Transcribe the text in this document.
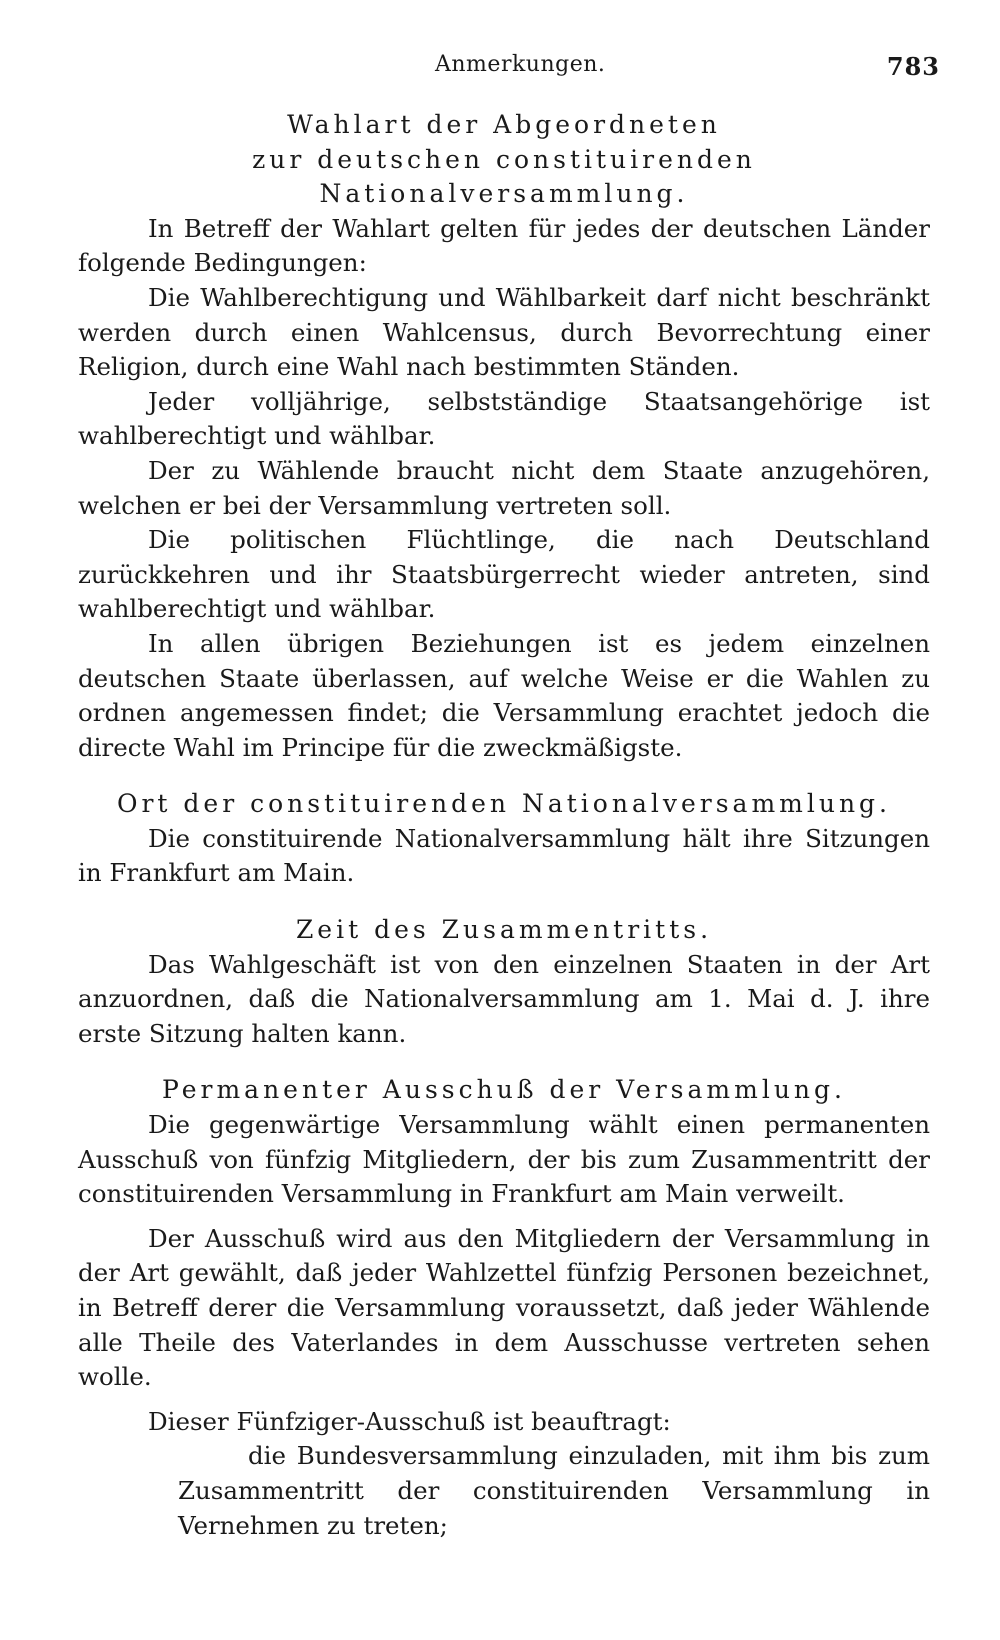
Anmerkungen.	783

Wahlart der Abgeordneten

zur deutschen constituirenden Nationalversammlung.

In Betreff der Wahlart gelten für jedes der deutschen Länder folgende Bedingungen:

Die Wahlberechtigung und Wählbarkeit darf nicht beschränkt werden durch einen Wahlcensus, durch Bevorrechtung einer Religion, durch eine Wahl nach bestimmten Ständen.

Jeder volljährige, selbstständige Staatsangehörige ist wahlberechtigt und wählbar.

Der zu Wählende braucht nicht dem Staate anzugehören, welchen er bei der Versammlung vertreten soll.

Die politischen Flüchtlinge, die nach Deutschland zurückkehren und ihr Staatsbürgerrecht wieder antreten, sind wahlberechtigt und wählbar.

In allen übrigen Beziehungen ist es jedem einzelnen deutschen Staate überlassen, auf welche Weise er die Wahlen zu ordnen angemessen findet; die Versammlung erachtet jedoch die directe Wahl im Principe für die zweckmäßigste.

Ort der constituirenden Nationalversammlung.

Die constituirende Nationalversammlung hält ihre Sitzungen in Frankfurt am Main.

Zeit des Zusammentritts.

Das Wahlgeschäft ist von den einzelnen Staaten in der Art anzuordnen, daß die Nationalversammlung am 1. Mai d. J. ihre erste Sitzung halten kann.

Permanenter Ausschuß der Versammlung.

Die gegenwärtige Versammlung wählt einen permanenten Ausschuß von fünfzig Mitgliedern, der bis zum Zusammentritt der constituirenden Versammlung in Frankfurt am Main verweilt.

Der Ausschuß wird aus den Mitgliedern der Versammlung in der Art gewählt, daß jeder Wahlzettel fünfzig Personen bezeichnet, in Betreff derer die Versammlung voraussetzt, daß jeder Wählende alle Theile des Vaterlandes in dem Ausschusse vertreten sehen wolle.

Dieser Fünfziger-Ausschuß ist beauftragt:

die Bundesversammlung einzuladen, mit ihm bis zum Zusammentritt der constituirenden Versammlung in Vernehmen zu treten;
